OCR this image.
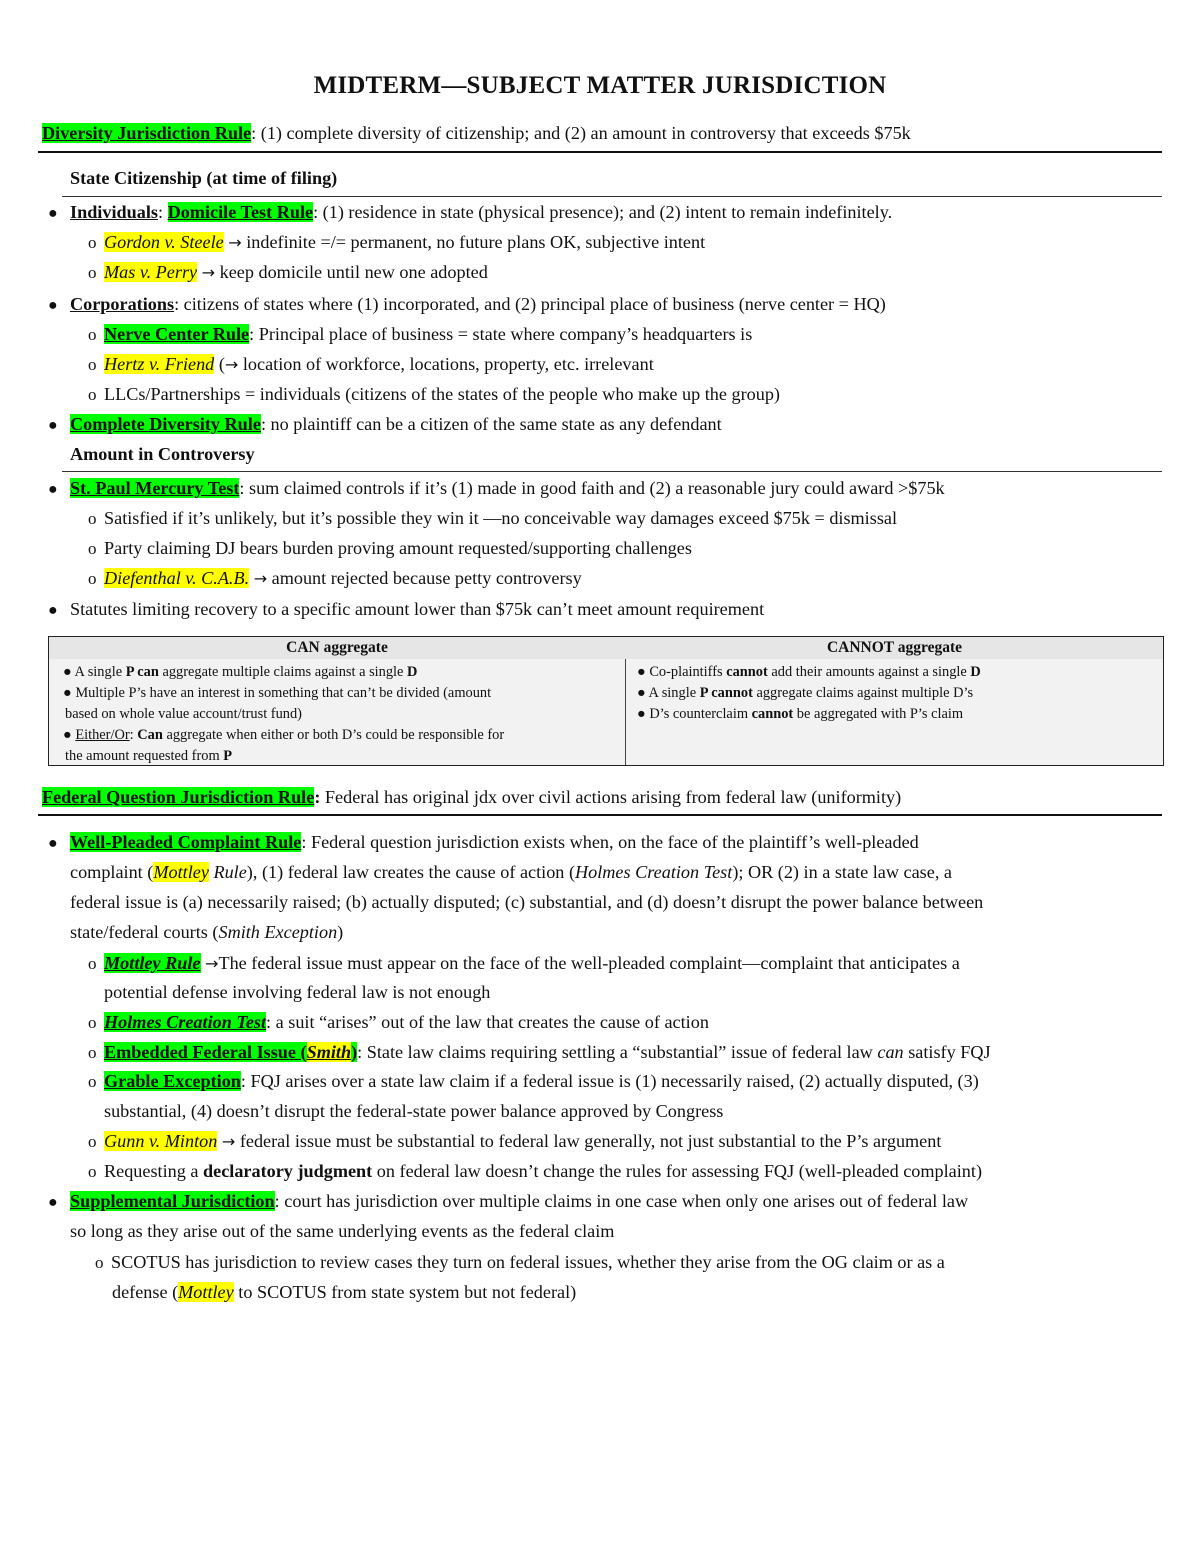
MIDTERM—SUBJECT MATTER JURISDICTION
Diversity Jurisdiction Rule: (1) complete diversity of citizenship; and (2) an amount in controversy that exceeds $75k
State Citizenship (at time of filing)
● Individuals: Domicile Test Rule: (1) residence in state (physical presence); and (2) intent to remain indefinitely.
o Gordon v. Steele → indefinite =/= permanent, no future plans OK, subjective intent
o Mas v. Perry → keep domicile until new one adopted
● Corporations: citizens of states where (1) incorporated, and (2) principal place of business (nerve center = HQ)
o Nerve Center Rule: Principal place of business = state where company’s headquarters is
o Hertz v. Friend (→ location of workforce, locations, property, etc. irrelevant
o LLCs/Partnerships = individuals (citizens of the states of the people who make up the group)
● Complete Diversity Rule: no plaintiff can be a citizen of the same state as any defendant
Amount in Controversy
● St. Paul Mercury Test: sum claimed controls if it’s (1) made in good faith and (2) a reasonable jury could award >$75k
o Satisfied if it’s unlikely, but it’s possible they win it —no conceivable way damages exceed $75k = dismissal
o Party claiming DJ bears burden proving amount requested/supporting challenges
o Diefenthal v. C.A.B. → amount rejected because petty controversy
● Statutes limiting recovery to a specific amount lower than $75k can’t meet amount requirement
CAN aggregate	CANNOT aggregate
● A single P can aggregate multiple claims against a single D
● Multiple P’s have an interest in something that can’t be divided (amount
based on whole value account/trust fund)
● Either/Or: Can aggregate when either or both D’s could be responsible for
the amount requested from P
● Co-plaintiffs cannot add their amounts against a single D
● A single P cannot aggregate claims against multiple D’s
● D’s counterclaim cannot be aggregated with P’s claim
Federal Question Jurisdiction Rule: Federal has original jdx over civil actions arising from federal law (uniformity)
● Well-Pleaded Complaint Rule: Federal question jurisdiction exists when, on the face of the plaintiff’s well-pleaded
complaint (Mottley Rule), (1) federal law creates the cause of action (Holmes Creation Test); OR (2) in a state law case, a
federal issue is (a) necessarily raised; (b) actually disputed; (c) substantial, and (d) doesn’t disrupt the power balance between
state/federal courts (Smith Exception)
o Mottley Rule →The federal issue must appear on the face of the well-pleaded complaint—complaint that anticipates a
potential defense involving federal law is not enough
o Holmes Creation Test: a suit “arises” out of the law that creates the cause of action
o Embedded Federal Issue (Smith): State law claims requiring settling a “substantial” issue of federal law can satisfy FQJ
o Grable Exception: FQJ arises over a state law claim if a federal issue is (1) necessarily raised, (2) actually disputed, (3)
substantial, (4) doesn’t disrupt the federal-state power balance approved by Congress
o Gunn v. Minton → federal issue must be substantial to federal law generally, not just substantial to the P’s argument
o Requesting a declaratory judgment on federal law doesn’t change the rules for assessing FQJ (well-pleaded complaint)
● Supplemental Jurisdiction: court has jurisdiction over multiple claims in one case when only one arises out of federal law
so long as they arise out of the same underlying events as the federal claim
o SCOTUS has jurisdiction to review cases they turn on federal issues, whether they arise from the OG claim or as a
defense (Mottley to SCOTUS from state system but not federal)
